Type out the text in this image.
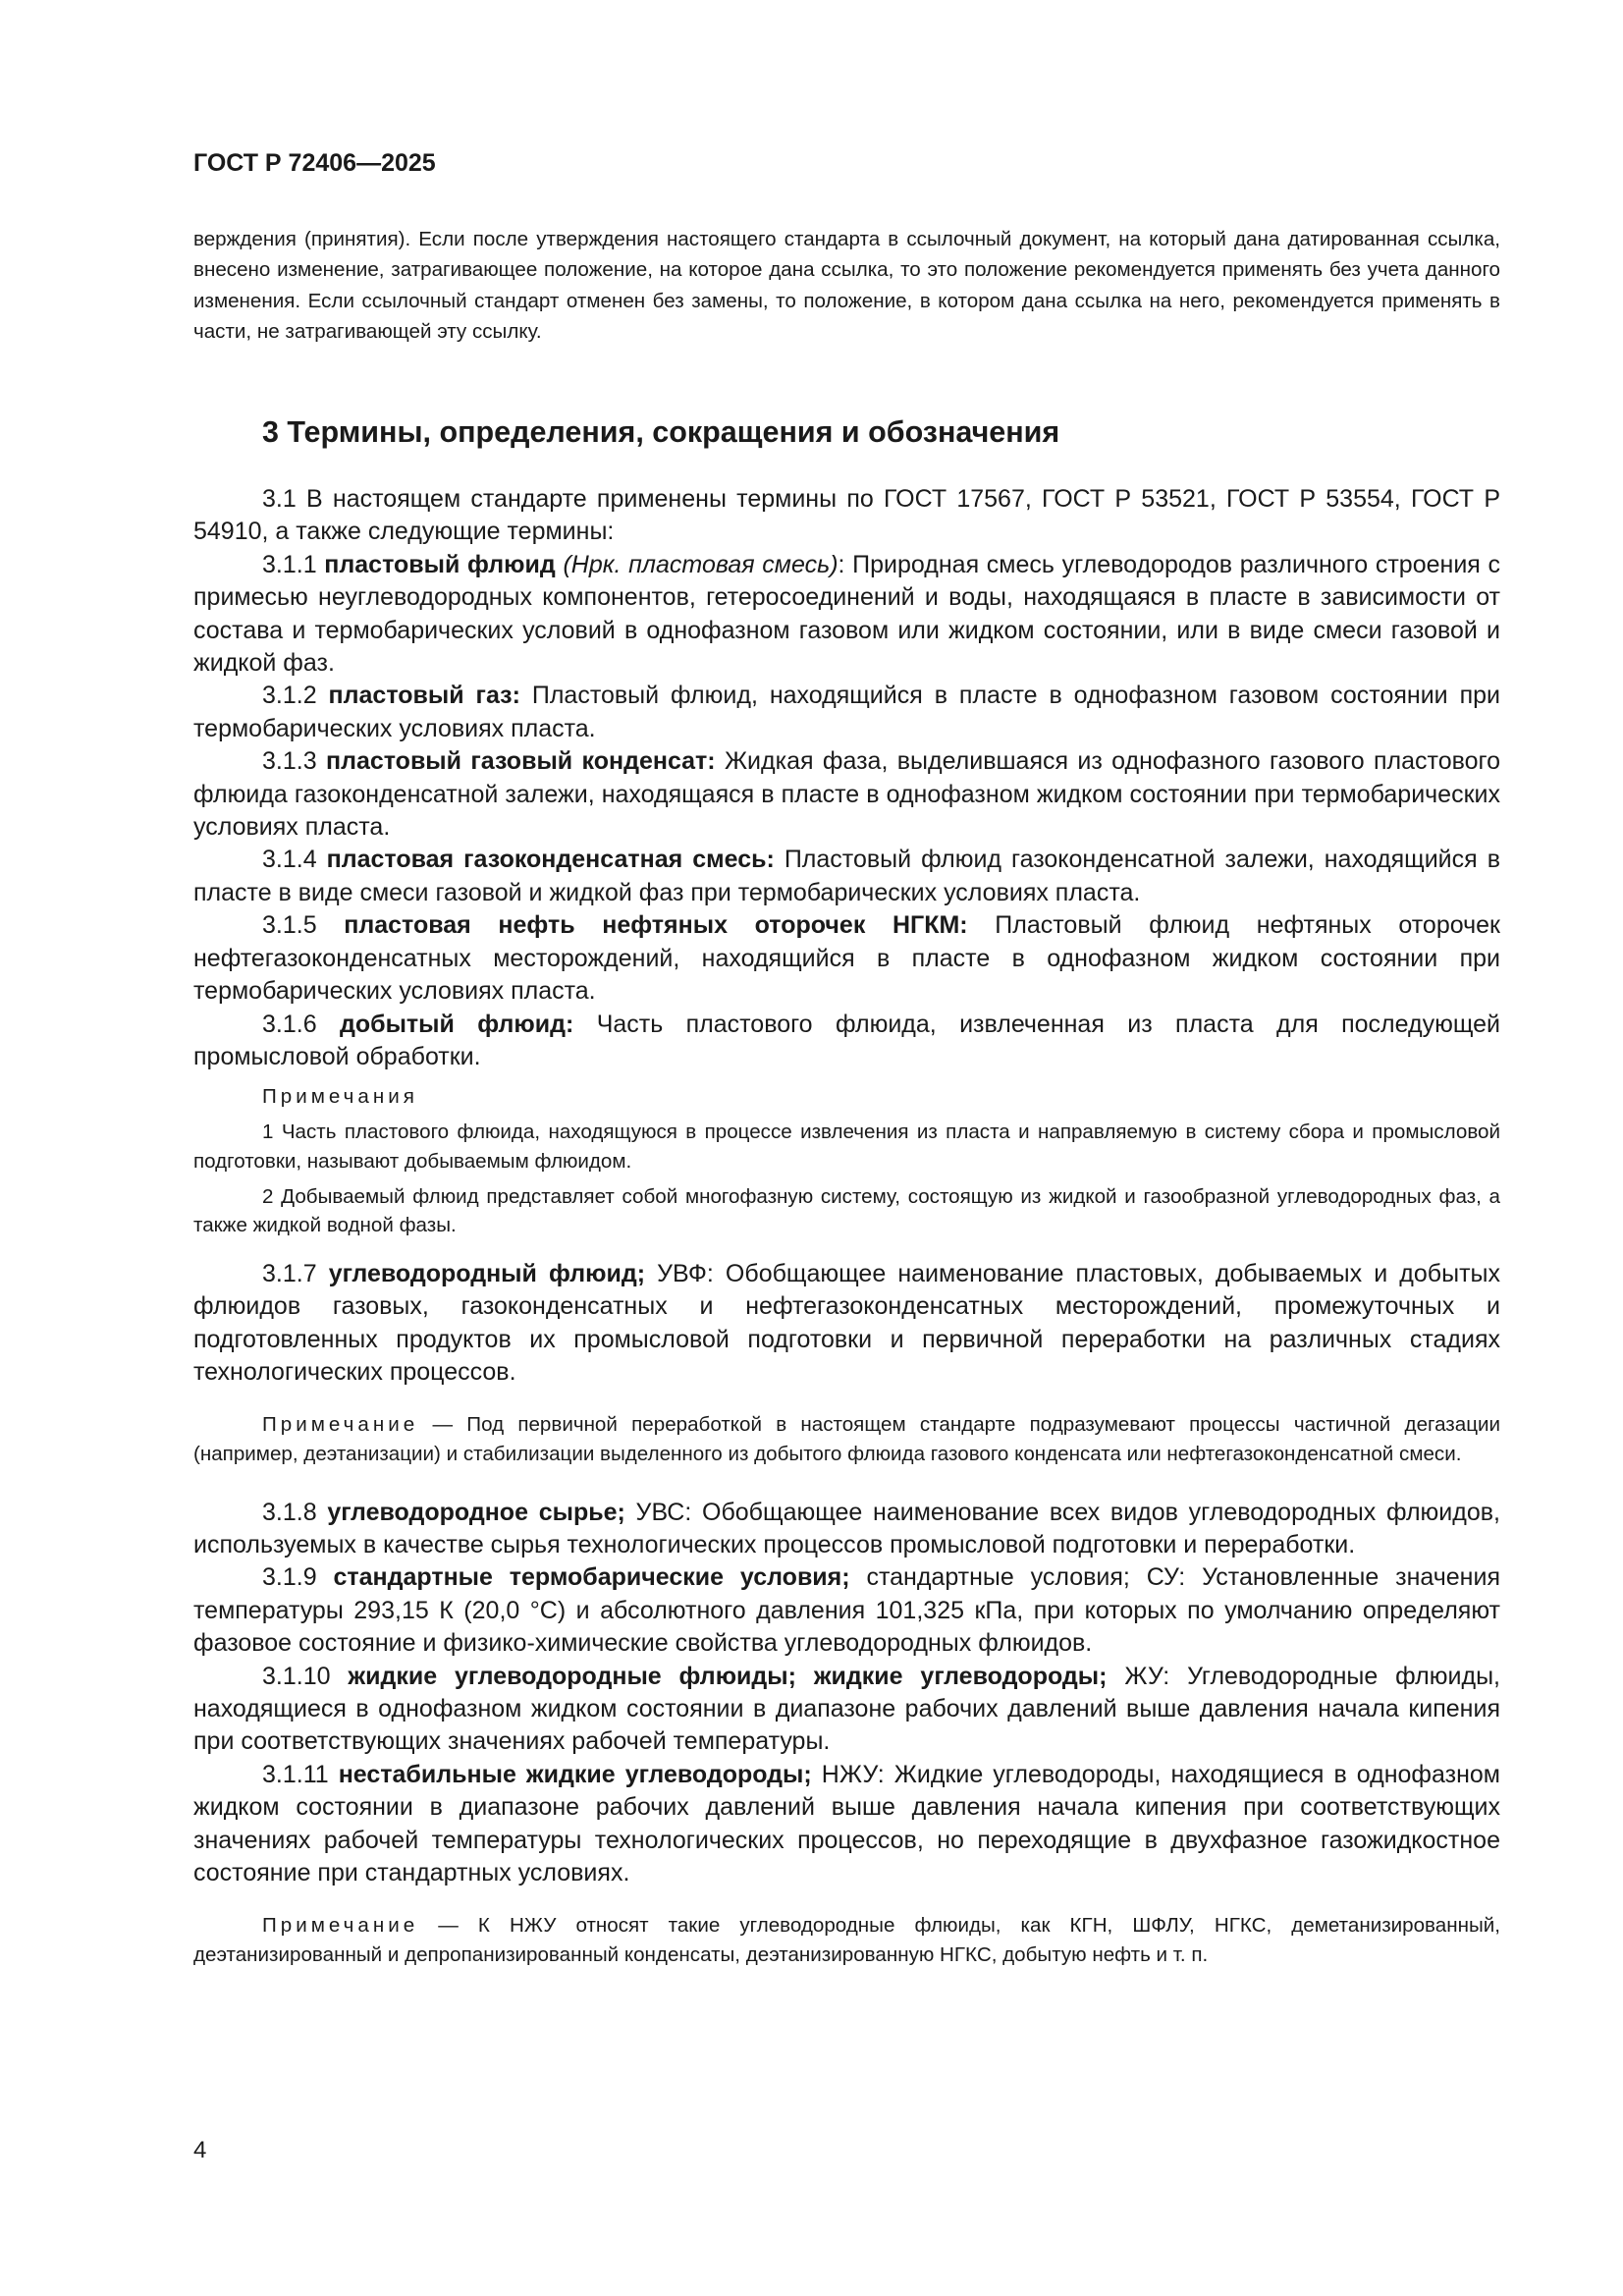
ГОСТ Р 72406—2025

верждения (принятия). Если после утверждения настоящего стандарта в ссылочный документ, на который дана датированная ссылка, внесено изменение, затрагивающее положение, на которое дана ссылка, то это положение рекомендуется применять без учета данного изменения. Если ссылочный стандарт отменен без замены, то положение, в котором дана ссылка на него, рекомендуется применять в части, не затрагивающей эту ссылку.

3 Термины, определения, сокращения и обозначения

3.1 В настоящем стандарте применены термины по ГОСТ 17567, ГОСТ Р 53521, ГОСТ Р 53554, ГОСТ Р 54910, а также следующие термины:

3.1.1 пластовый флюид (Нрк. пластовая смесь): Природная смесь углеводородов различного строения с примесью неуглеводородных компонентов, гетеросоединений и воды, находящаяся в пласте в зависимости от состава и термобарических условий в однофазном газовом или жидком состоянии, или в виде смеси газовой и жидкой фаз.

3.1.2 пластовый газ: Пластовый флюид, находящийся в пласте в однофазном газовом состоянии при термобарических условиях пласта.

3.1.3 пластовый газовый конденсат: Жидкая фаза, выделившаяся из однофазного газового пластового флюида газоконденсатной залежи, находящаяся в пласте в однофазном жидком состоянии при термобарических условиях пласта.

3.1.4 пластовая газоконденсатная смесь: Пластовый флюид газоконденсатной залежи, находящийся в пласте в виде смеси газовой и жидкой фаз при термобарических условиях пласта.

3.1.5 пластовая нефть нефтяных оторочек НГКМ: Пластовый флюид нефтяных оторочек нефтегазоконденсатных месторождений, находящийся в пласте в однофазном жидком состоянии при термобарических условиях пласта.

3.1.6 добытый флюид: Часть пластового флюида, извлеченная из пласта для последующей промысловой обработки.

Примечания

1 Часть пластового флюида, находящуюся в процессе извлечения из пласта и направляемую в систему сбора и промысловой подготовки, называют добываемым флюидом.

2 Добываемый флюид представляет собой многофазную систему, состоящую из жидкой и газообразной углеводородных фаз, а также жидкой водной фазы.

3.1.7 углеводородный флюид; УВФ: Обобщающее наименование пластовых, добываемых и добытых флюидов газовых, газоконденсатных и нефтегазоконденсатных месторождений, промежуточных и подготовленных продуктов их промысловой подготовки и первичной переработки на различных стадиях технологических процессов.

Примечание — Под первичной переработкой в настоящем стандарте подразумевают процессы частичной дегазации (например, деэтанизации) и стабилизации выделенного из добытого флюида газового конденсата или нефтегазоконденсатной смеси.

3.1.8 углеводородное сырье; УВС: Обобщающее наименование всех видов углеводородных флюидов, используемых в качестве сырья технологических процессов промысловой подготовки и переработки.

3.1.9 стандартные термобарические условия; стандартные условия; СУ: Установленные значения температуры 293,15 К (20,0 °С) и абсолютного давления 101,325 кПа, при которых по умолчанию определяют фазовое состояние и физико-химические свойства углеводородных флюидов.

3.1.10 жидкие углеводородные флюиды; жидкие углеводороды; ЖУ: Углеводородные флюиды, находящиеся в однофазном жидком состоянии в диапазоне рабочих давлений выше давления начала кипения при соответствующих значениях рабочей температуры.

3.1.11 нестабильные жидкие углеводороды; НЖУ: Жидкие углеводороды, находящиеся в однофазном жидком состоянии в диапазоне рабочих давлений выше давления начала кипения при соответствующих значениях рабочей температуры технологических процессов, но переходящие в двухфазное газожидкостное состояние при стандартных условиях.

Примечание — К НЖУ относят такие углеводородные флюиды, как КГН, ШФЛУ, НГКС, деметанизированный, деэтанизированный и депропанизированный конденсаты, деэтанизированную НГКС, добытую нефть и т. п.

4
